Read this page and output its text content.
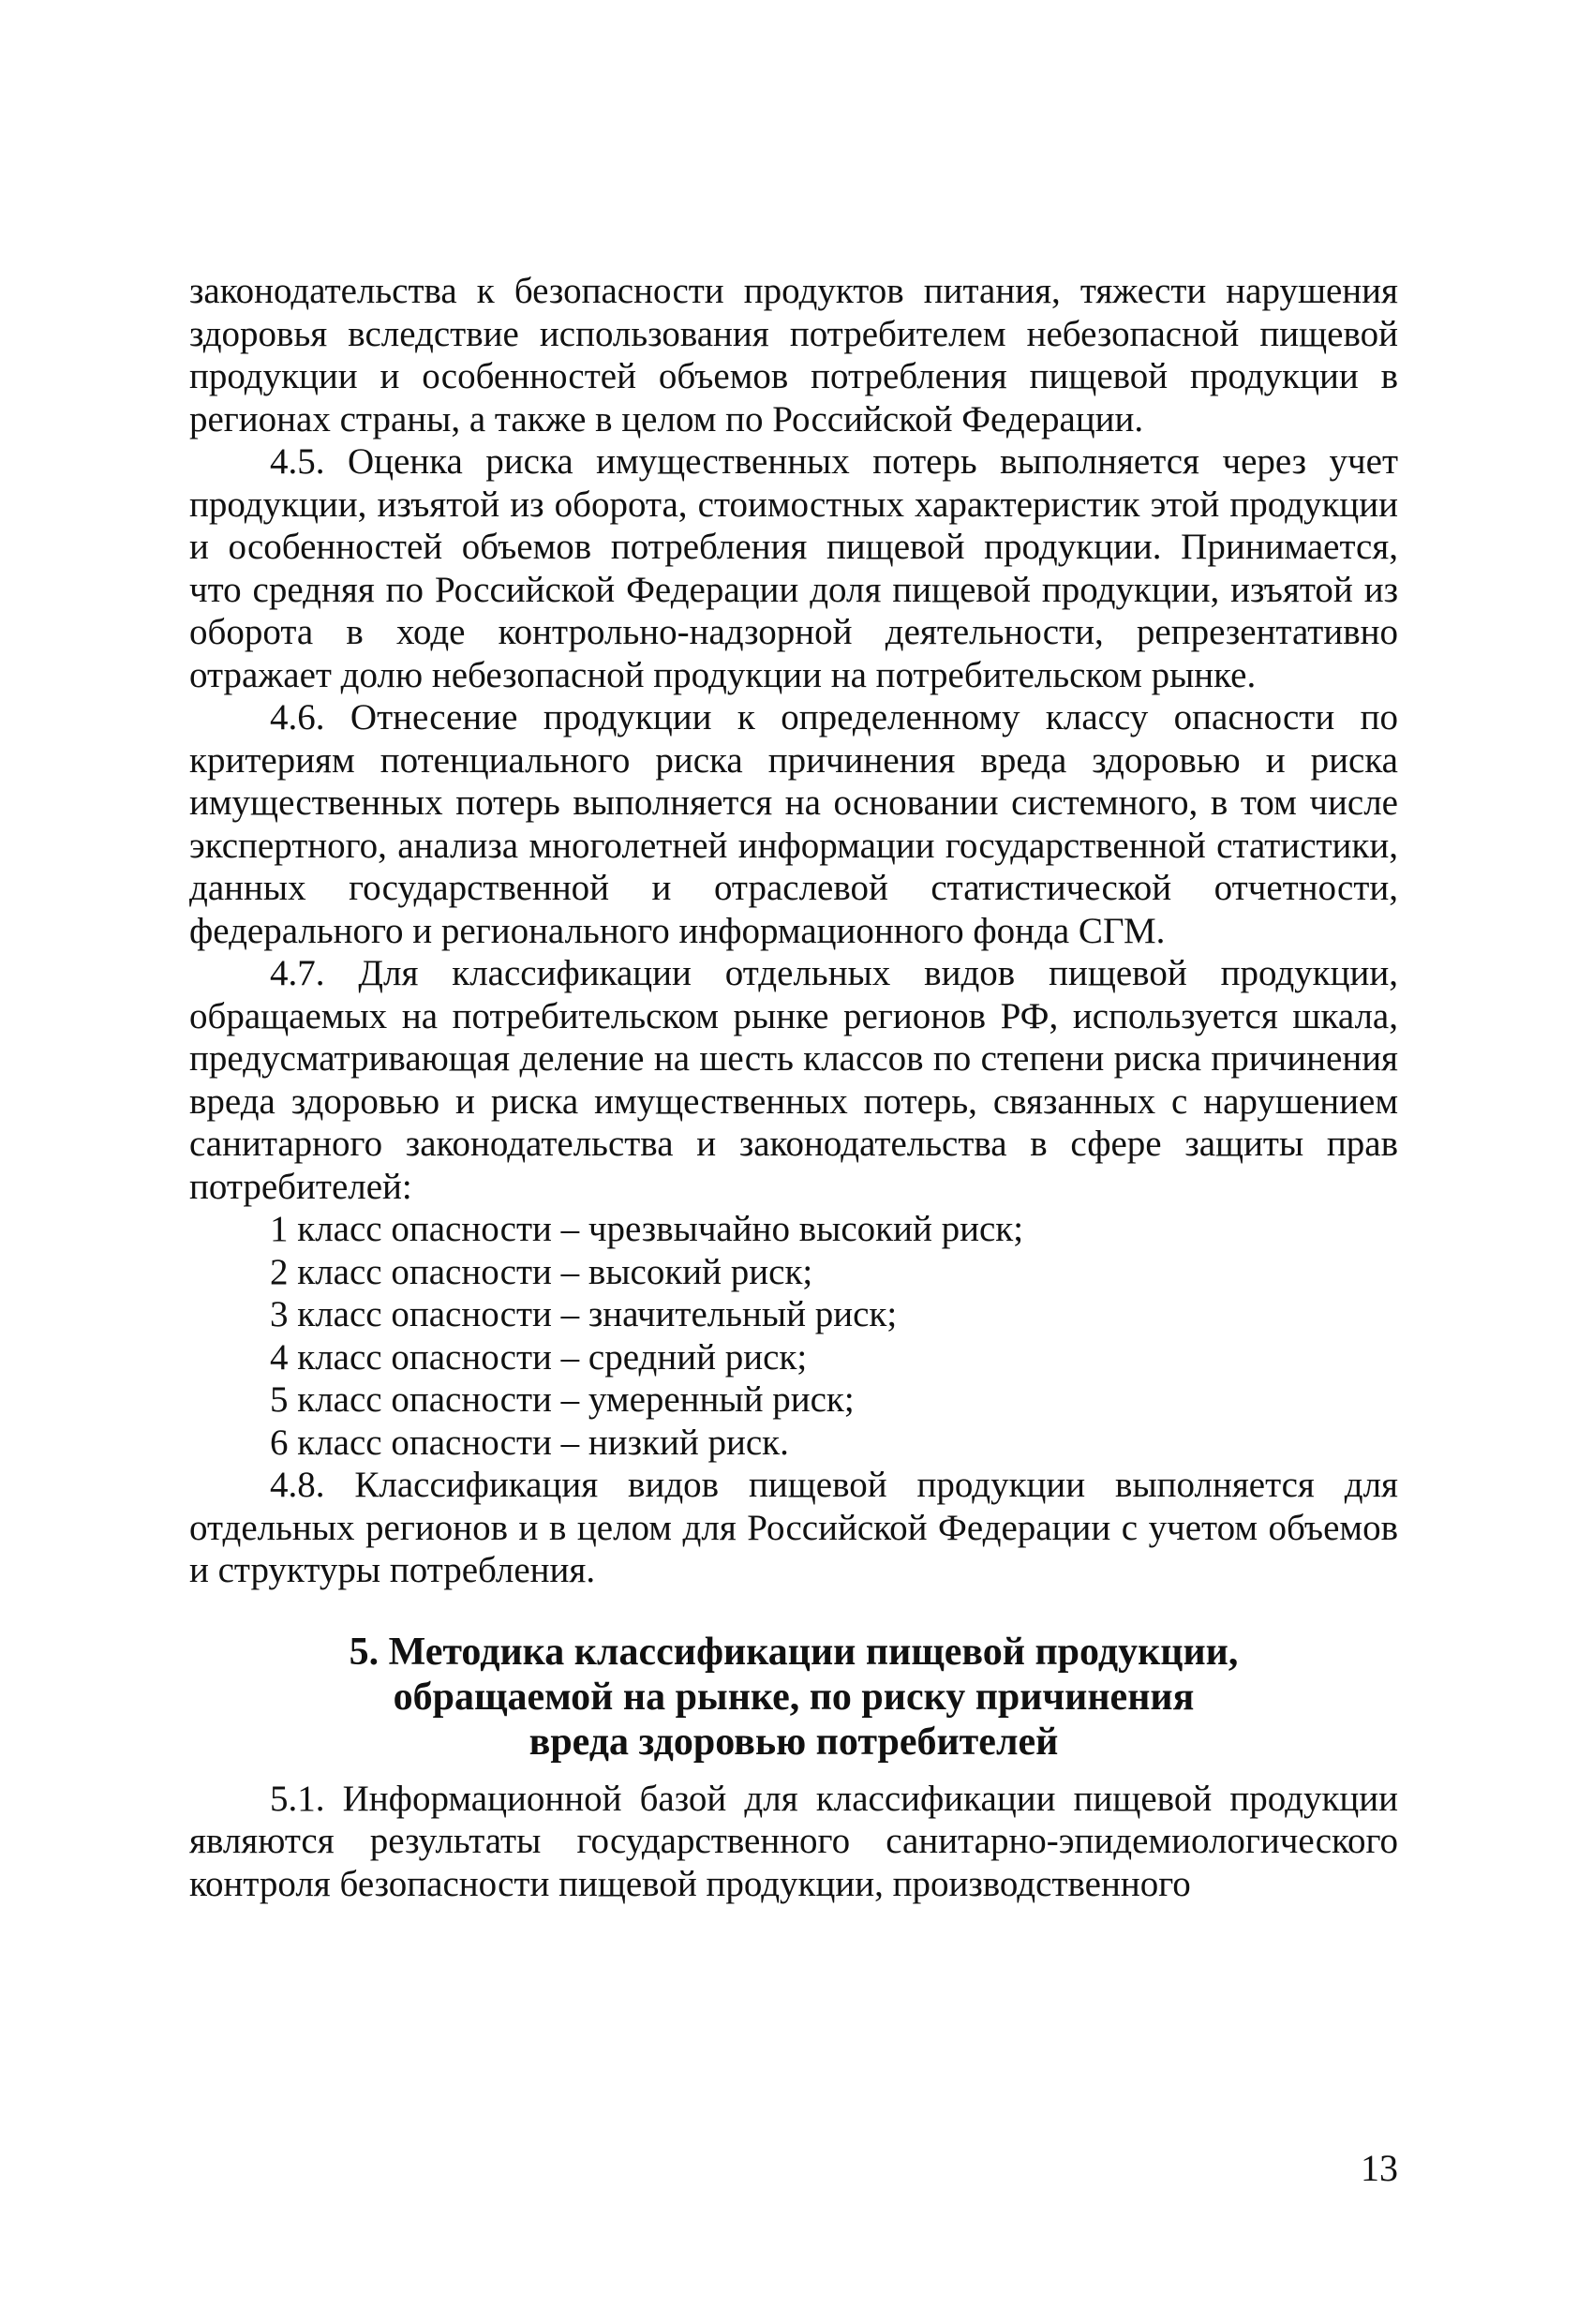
законодательства к безопасности продуктов питания, тяжести нарушения здоровья вследствие использования потребителем небезопасной пищевой продукции и особенностей объемов потребления пищевой продукции в регионах страны, а также в целом по Российской Федерации.

4.5. Оценка риска имущественных потерь выполняется через учет продукции, изъятой из оборота, стоимостных характеристик этой продукции и особенностей объемов потребления пищевой продукции. Принимается, что средняя по Российской Федерации доля пищевой продукции, изъятой из оборота в ходе контрольно-надзорной деятельности, репрезентативно отражает долю небезопасной продукции на потребительском рынке.

4.6. Отнесение продукции к определенному классу опасности по критериям потенциального риска причинения вреда здоровью и риска имущественных потерь выполняется на основании системного, в том числе экспертного, анализа многолетней информации государственной статистики, данных государственной и отраслевой статистической отчетности, федерального и регионального информационного фонда СГМ.

4.7. Для классификации отдельных видов пищевой продукции, обращаемых на потребительском рынке регионов РФ, используется шкала, предусматривающая деление на шесть классов по степени риска причинения вреда здоровью и риска имущественных потерь, связанных с нарушением санитарного законодательства и законодательства в сфере защиты прав потребителей:

1 класс опасности – чрезвычайно высокий риск;
2 класс опасности – высокий риск;
3 класс опасности – значительный риск;
4 класс опасности – средний риск;
5 класс опасности – умеренный риск;
6 класс опасности – низкий риск.

4.8. Классификация видов пищевой продукции выполняется для отдельных регионов и в целом для Российской Федерации с учетом объемов и структуры потребления.

5. Методика классификации пищевой продукции,
обращаемой на рынке, по риску причинения
вреда здоровью потребителей

5.1. Информационной базой для классификации пищевой продукции являются результаты государственного санитарно-эпидемиологического контроля безопасности пищевой продукции, производственного

13
